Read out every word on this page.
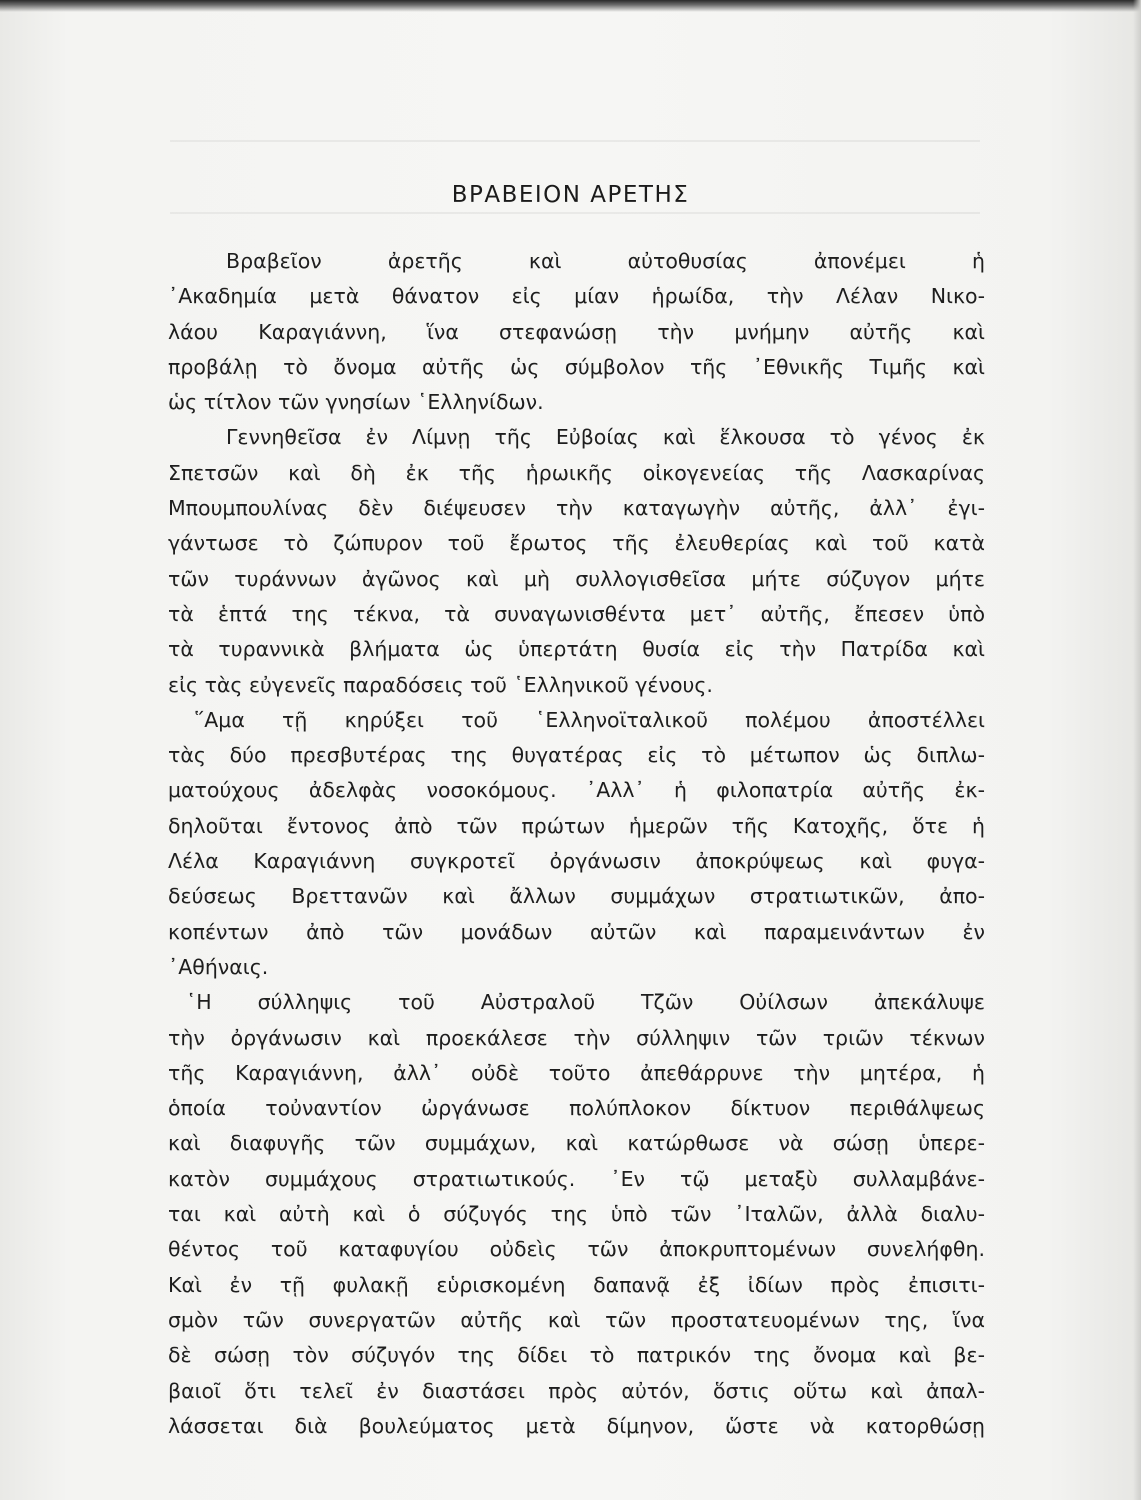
ΒΡΑΒΕΙΟΝ ΑΡΕΤΗΣ
Βραβεῖον ἀρετῆς καὶ αὐτοθυσίας ἀπονέμει ἡ
᾿Ακαδημία μετὰ θάνατον εἰς μίαν ἡρωίδα, τὴν Λέλαν Νικο-
λάου Καραγιάννη, ἵνα στεφανώσῃ τὴν μνήμην αὐτῆς καὶ
προβάλῃ τὸ ὄνομα αὐτῆς ὡς σύμβολον τῆς ᾿Εθνικῆς Τιμῆς καὶ
ὡς τίτλον τῶν γνησίων ῾Ελληνίδων.
Γεννηθεῖσα ἐν Λίμνῃ τῆς Εὐβοίας καὶ ἕλκουσα τὸ γένος ἐκ
Σπετσῶν καὶ δὴ ἐκ τῆς ἡρωικῆς οἰκογενείας τῆς Λασκαρίνας
Μπουμπουλίνας δὲν διέψευσεν τὴν καταγωγὴν αὐτῆς, ἀλλ᾿ ἐγι-
γάντωσε τὸ ζώπυρον τοῦ ἔρωτος τῆς ἐλευθερίας καὶ τοῦ κατὰ
τῶν τυράννων ἀγῶνος καὶ μὴ συλλογισθεῖσα μήτε σύζυγον μήτε
τὰ ἑπτά της τέκνα, τὰ συναγωνισθέντα μετ᾿ αὐτῆς, ἔπεσεν ὑπὸ
τὰ τυραννικὰ βλήματα ὡς ὑπερτάτη θυσία εἰς τὴν Πατρίδα καὶ
εἰς τὰς εὐγενεῖς παραδόσεις τοῦ ῾Ελληνικοῦ γένους.
῞Αμα τῇ κηρύξει τοῦ ῾Ελληνοϊταλικοῦ πολέμου ἀποστέλλει
τὰς δύο πρεσβυτέρας της θυγατέρας εἰς τὸ μέτωπον ὡς διπλω-
ματούχους ἀδελφὰς νοσοκόμους. ᾿Αλλ᾿ ἡ φιλοπατρία αὐτῆς ἐκ-
δηλοῦται ἔντονος ἀπὸ τῶν πρώτων ἡμερῶν τῆς Κατοχῆς, ὅτε ἡ
Λέλα Καραγιάννη συγκροτεῖ ὀργάνωσιν ἀποκρύψεως καὶ φυγα-
δεύσεως Βρεττανῶν καὶ ἄλλων συμμάχων στρατιωτικῶν, ἀπο-
κοπέντων ἀπὸ τῶν μονάδων αὐτῶν καὶ παραμεινάντων ἐν
᾿Αθήναις.
῾Η σύλληψις τοῦ Αὐστραλοῦ Τζῶν Οὐίλσων ἀπεκάλυψε
τὴν ὀργάνωσιν καὶ προεκάλεσε τὴν σύλληψιν τῶν τριῶν τέκνων
τῆς Καραγιάννη, ἀλλ᾿ οὐδὲ τοῦτο ἀπεθάρρυνε τὴν μητέρα, ἡ
ὁποία τοὐναντίον ὠργάνωσε πολύπλοκον δίκτυον περιθάλψεως
καὶ διαφυγῆς τῶν συμμάχων, καὶ κατώρθωσε νὰ σώσῃ ὑπερε-
κατὸν συμμάχους στρατιωτικούς. ᾿Εν τῷ μεταξὺ συλλαμβάνε-
ται καὶ αὐτὴ καὶ ὁ σύζυγός της ὑπὸ τῶν ᾿Ιταλῶν, ἀλλὰ διαλυ-
θέντος τοῦ καταφυγίου οὐδεὶς τῶν ἀποκρυπτομένων συνελήφθη.
Καὶ ἐν τῇ φυλακῇ εὑρισκομένη δαπανᾷ ἐξ ἰδίων πρὸς ἐπισιτι-
σμὸν τῶν συνεργατῶν αὐτῆς καὶ τῶν προστατευομένων της, ἵνα
δὲ σώσῃ τὸν σύζυγόν της δίδει τὸ πατρικόν της ὄνομα καὶ βε-
βαιοῖ ὅτι τελεῖ ἐν διαστάσει πρὸς αὐτόν, ὅστις οὕτω καὶ ἀπαλ-
λάσσεται διὰ βουλεύματος μετὰ δίμηνον, ὥστε νὰ κατορθώσῃ
